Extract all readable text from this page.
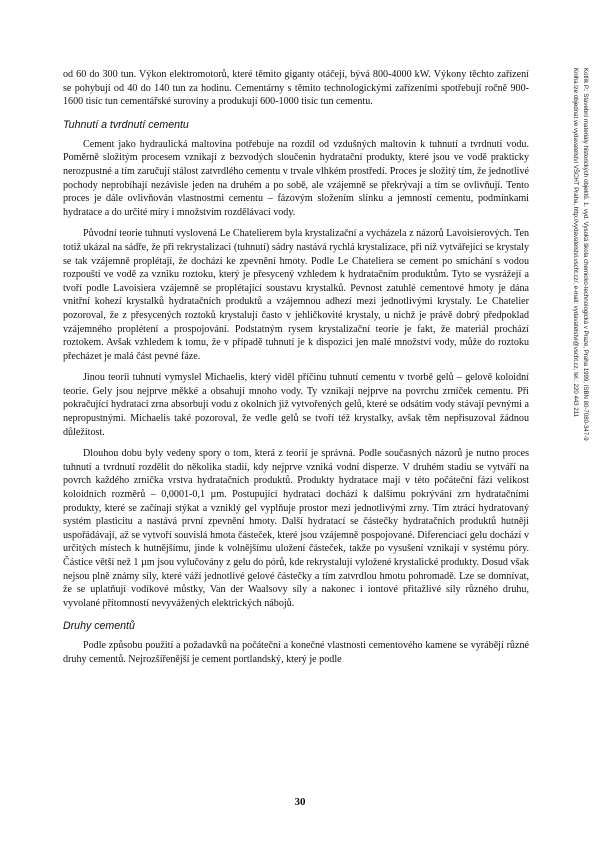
od 60 do 300 tun. Výkon elektromotorů, které těmito giganty otáčejí, bývá 800-4000 kW. Výkony těchto zařízení se pohybují od 40 do 140 tun za hodinu. Cementárny s těmito technologickými zařízeními spotřebují ročně 900-1600 tisíc tun cementářské suroviny a produkují 600-1000 tisíc tun cementu.

Tuhnutí a tvrdnutí cementu

Cement jako hydraulická maltovina potřebuje na rozdíl od vzdušných maltovin k tuhnutí a tvrdnutí vodu. Poměrně složitým procesem vznikají z bezvodých sloučenin hydratační produkty, které jsou ve vodě prakticky nerozpustné a tím zaručují stálost zatvrdlého cementu v trvale vlhkém prostředí. Proces je složitý tím, že jednotlivé pochody neprobíhají nezávisle jeden na druhém a po sobě, ale vzájemně se překrývají a tím se ovlivňují. Tento proces je dále ovlivňován vlastnostmi cementu – fázovým složením slínku a jemností cementu, podmínkami hydratace a do určité míry i množstvím rozdělávací vody.

Původní teorie tuhnutí vyslovená Le Chatelierem byla krystalizační a vycházela z názorů Lavoisierových. Ten totiž ukázal na sádře, že při rekrystalizaci (tuhnutí) sádry nastává rychlá krystalizace, při níž vytvářející se krystaly se tak vzájemně proplétají, že dochází ke zpevnění hmoty. Podle Le Chateliera se cement po smíchání s vodou rozpouští ve vodě za vzniku roztoku, který je přesycený vzhledem k hydratačním produktům. Tyto se vysrážejí a tvoří podle Lavoisiera vzájemně se proplétající soustavu krystalků. Pevnost zatuhlé cementové hmoty je dána vnitřní kohezí krystalků hydratačních produktů a vzájemnou adhezí mezi jednotlivými krystaly. Le Chatelier pozoroval, že z přesycených roztoků krystalují často v jehličkovité krystaly, u nichž je právě dobrý předpoklad vzájemného proplétení a prospojování. Podstatným rysem krystalizační teorie je fakt, že materiál prochází roztokem. Avšak vzhledem k tomu, že v případě tuhnutí je k dispozici jen malé množství vody, může do roztoku přecházet je malá část pevné fáze.

Jinou teorii tuhnutí vymyslel Michaelis, který viděl příčinu tuhnutí cementu v tvorbě gelů – gelově koloidní teorie. Gely jsou nejprve měkké a obsahují mnoho vody. Ty vznikají nejprve na povrchu zrníček cementu. Při pokračující hydrataci zrna absorbují vodu z okolních již vytvořených gelů, které se odsátím vody stávají pevnými a nepropustnými. Michaelis také pozoroval, že vedle gelů se tvoří též krystalky, avšak těm nepřisuzoval žádnou důležitost.

Dlouhou dobu byly vedeny spory o tom, která z teorií je správná. Podle současných názorů je nutno proces tuhnutí a tvrdnutí rozdělit do několika stadií, kdy nejprve vzniká vodní disperze. V druhém stadiu se vytváří na povrch každého zrníčka vrstva hydratačních produktů. Produkty hydratace mají v této počáteční fázi velikost koloidních rozměrů – 0,0001-0,1 µm. Postupující hydrataci dochází k dalšímu pokrývání zrn hydratačními produkty, které se začínají stýkat a vzniklý gel vyplňuje prostor mezi jednotlivými zrny. Tím ztrácí hydratovaný systém plasticitu a nastává první zpevnění hmoty. Další hydratací se částečky hydratačních produktů hutněji uspořádávají, až se vytvoří souvislá hmota částeček, které jsou vzájemně pospojované. Diferenciací gelu dochází v určitých místech k hutnějšímu, jinde k volnějšímu uložení částeček, takže po vysušení vznikají v systému póry. Částice větší než 1 µm jsou vylučovány z gelu do pórů, kde rekrystalují vyložené krystalické produkty. Dosud však nejsou plně známy síly, které váží jednotlivé gelové částečky a tím zatvrdlou hmotu pohromadě. Lze se domnívat, že se uplatňují vodíkové můstky, Van der Waalsovy síly a nakonec i iontové přitažlivé síly různého druhu, vyvolané přítomností nevyvážených elektrických nábojů.

Druhy cementů

Podle způsobu použití a požadavků na počáteční a konečné vlastnosti cementového kamene se vyrábějí různé druhy cementů. Nejrozšířenější je cement portlandský, který je podle

Kotlík P.: Stavební materiály historických objektů. 1. vyd. Vysoká škola chemicko-technologická v Praze, Praha 1999, ISBN 80-7080-347-9
Kniha lze objednat ve vydavatelství VŠCHT Praha, http://vydavatelstvi.vscht.cz/, e-mail: vydavatelstvi@vscht.cz, tel.: 220 443 211
30
